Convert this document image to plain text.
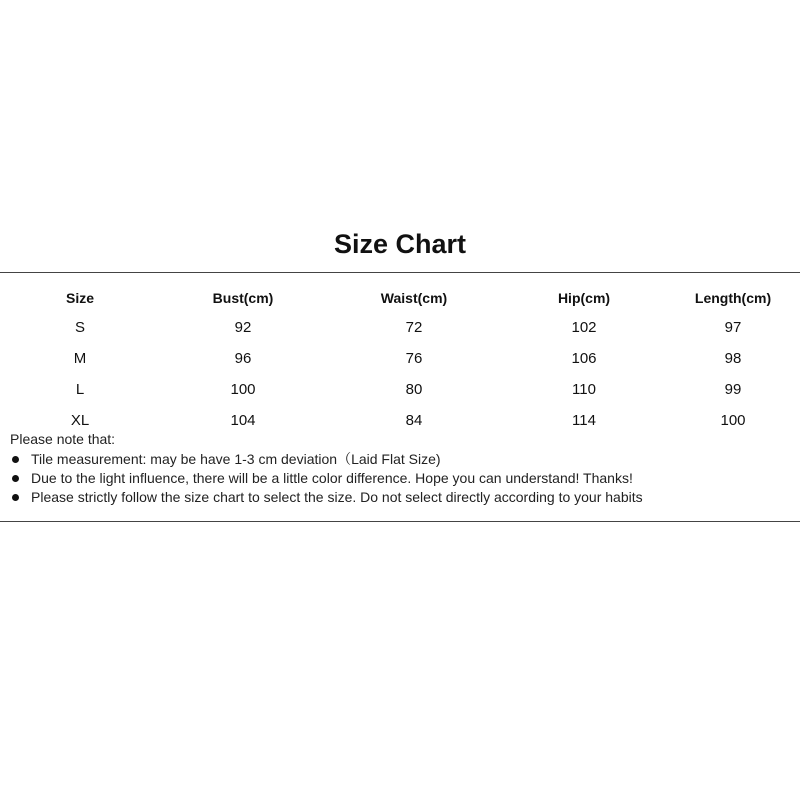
Size Chart
Size	Bust(cm)	Waist(cm)	Hip(cm)	Length(cm)
S	92	72	102	97
M	96	76	106	98
L	100	80	110	99
XL	104	84	114	100

Please note that:

Tile measurement: may be have 1-3 cm deviation（Laid Flat Size)
Due to the light influence, there will be a little color difference. Hope you can understand! Thanks!
Please strictly follow the size chart to select the size. Do not select directly according to your habits
